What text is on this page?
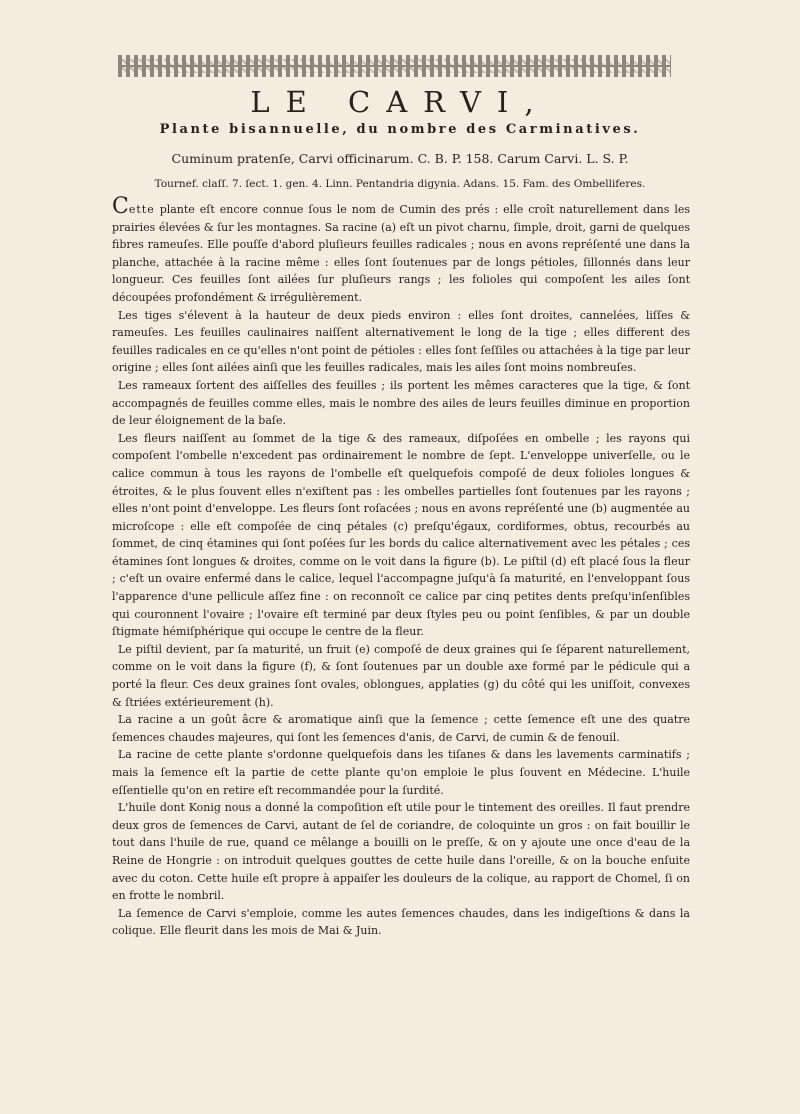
LE CARVI,
Plante bisannuelle, du nombre des Carminatives.
Cuminum pratenſe, Carvi officinarum. C. B. P. 158. Carum Carvi. L. S. P.
Tournef. claſſ. 7. ſect. 1. gen. 4. Linn. Pentandria digynia. Adans. 15. Fam. des Ombelliferes.

Cette plante eſt encore connue ſous le nom de Cumin des prés : elle croît naturellement dans les prairies élevées & ſur les montagnes. Sa racine (a) eſt un pivot charnu, ſimple, droit, garni de quelques fibres rameuſes. Elle pouſſe d'abord pluſieurs feuilles radicales ; nous en avons repréſenté une dans la planche, attachée à la racine même : elles ſont ſoutenues par de longs pétioles, ſillonnés dans leur longueur. Ces feuilles ſont ailées ſur pluſieurs rangs ; les folioles qui compoſent les ailes ſont découpées profondément & irrégulièrement.

Les tiges s'élevent à la hauteur de deux pieds environ : elles ſont droites, cannelées, liſſes & rameuſes. Les feuilles caulinaires naiſſent alternativement le long de la tige ; elles different des feuilles radicales en ce qu'elles n'ont point de pétioles : elles ſont ſeſſiles ou attachées à la tige par leur origine ; elles ſont ailées ainſi que les feuilles radicales, mais les ailes ſont moins nombreuſes.

Les rameaux ſortent des aiſſelles des feuilles ; ils portent les mêmes caracteres que la tige, & ſont accompagnés de feuilles comme elles, mais le nombre des ailes de leurs feuilles diminue en proportion de leur éloignement de la baſe.

Les fleurs naiſſent au ſommet de la tige & des rameaux, diſpoſées en ombelle ; les rayons qui compoſent l'ombelle n'excedent pas ordinairement le nombre de ſept. L'enveloppe univerſelle, ou le calice commun à tous les rayons de l'ombelle eſt quelquefois compoſé de deux folioles longues & étroites, & le plus ſouvent elles n'exiſtent pas : les ombelles partielles ſont ſoutenues par les rayons ; elles n'ont point d'enveloppe. Les fleurs ſont roſacées ; nous en avons repréſenté une (b) augmentée au microſcope : elle eſt compoſée de cinq pétales (c) preſqu'égaux, cordiformes, obtus, recourbés au ſommet, de cinq étamines qui ſont poſées ſur les bords du calice alternativement avec les pétales ; ces étamines ſont longues & droites, comme on le voit dans la figure (b). Le piſtil (d) eſt placé ſous la fleur ; c'eſt un ovaire enfermé dans le calice, lequel l'accompagne juſqu'à ſa maturité, en l'enveloppant ſous l'apparence d'une pellicule aſſez fine : on reconnoît ce calice par cinq petites dents preſqu'inſenſibles qui couronnent l'ovaire ; l'ovaire eſt terminé par deux ſtyles peu ou point ſenſibles, & par un double ſtigmate hémiſphérique qui occupe le centre de la fleur.

Le piſtil devient, par ſa maturité, un fruit (e) compoſé de deux graines qui ſe ſéparent naturellement, comme on le voit dans la figure (f), & ſont ſoutenues par un double axe formé par le pédicule qui a porté la fleur. Ces deux graines ſont ovales, oblongues, applaties (g) du côté qui les uniſſoit, convexes & ſtriées extérieurement (h).

La racine a un goût âcre & aromatique ainſi que la ſemence ; cette ſemence eſt une des quatre ſemences chaudes majeures, qui ſont les ſemences d'anis, de Carvi, de cumin & de fenouil.

La racine de cette plante s'ordonne quelquefois dans les tiſanes & dans les lavements carminatifs ; mais la ſemence eſt la partie de cette plante qu'on emploie le plus ſouvent en Médecine. L'huile eſſentielle qu'on en retire eſt recommandée pour la ſurdité.

L'huile dont Konig nous a donné la compoſition eſt utile pour le tintement des oreilles. Il faut prendre deux gros de ſemences de Carvi, autant de ſel de coriandre, de coloquinte un gros : on fait bouillir le tout dans l'huile de rue, quand ce mêlange a bouilli on le preſſe, & on y ajoute une once d'eau de la Reine de Hongrie : on introduit quelques gouttes de cette huile dans l'oreille, & on la bouche enſuite avec du coton. Cette huile eſt propre à appaiſer les douleurs de la colique, au rapport de Chomel, ſi on en frotte le nombril.

La ſemence de Carvi s'emploie, comme les autes ſemences chaudes, dans les indigeſtions & dans la colique. Elle fleurit dans les mois de Mai & Juin.
